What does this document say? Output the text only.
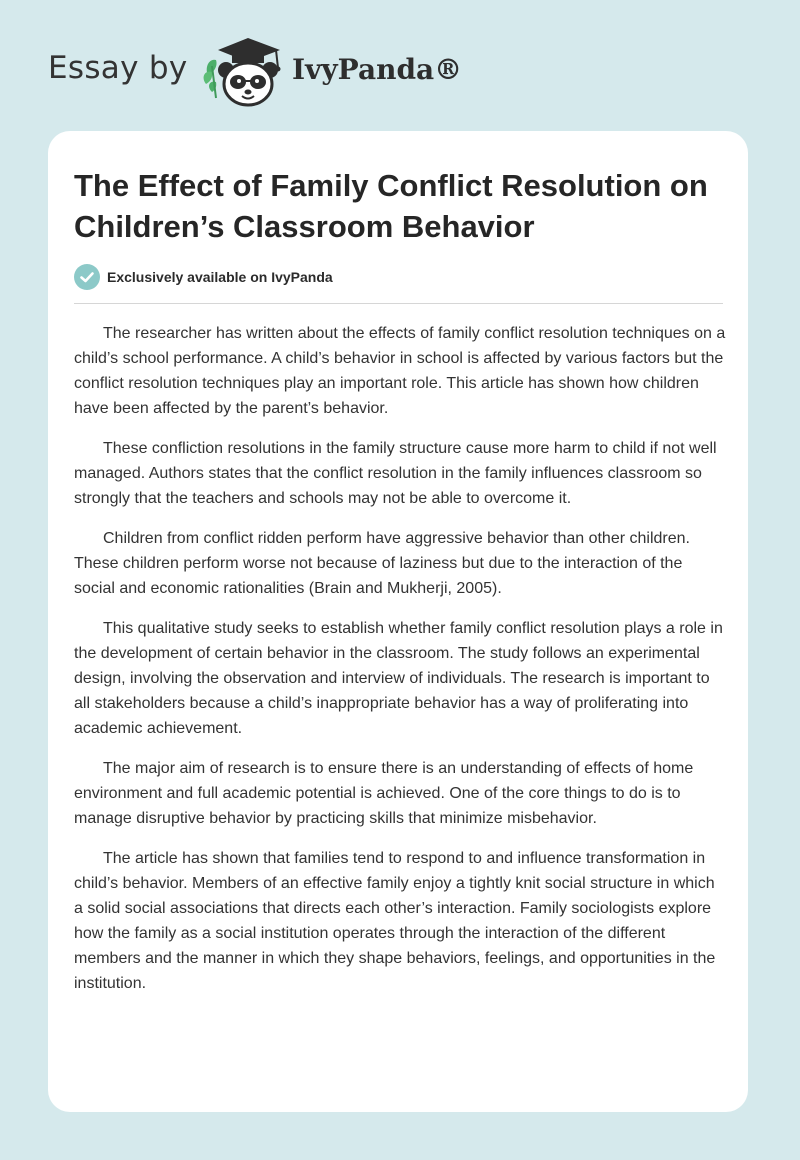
Essay by	IvyPanda®
The Effect of Family Conflict Resolution on Children’s Classroom Behavior
Exclusively available on IvyPanda

The researcher has written about the effects of family conflict resolution techniques on a child’s school performance. A child’s behavior in school is affected by various factors but the conflict resolution techniques play an important role. This article has shown how children have been affected by the parent’s behavior.

These confliction resolutions in the family structure cause more harm to child if not well managed. Authors states that the conflict resolution in the family influences classroom so strongly that the teachers and schools may not be able to overcome it.

Children from conflict ridden perform have aggressive behavior than other children. These children perform worse not because of laziness but due to the interaction of the social and economic rationalities (Brain and Mukherji, 2005).

This qualitative study seeks to establish whether family conflict resolution plays a role in the development of certain behavior in the classroom. The study follows an experimental design, involving the observation and interview of individuals. The research is important to all stakeholders because a child’s inappropriate behavior has a way of proliferating into academic achievement.

The major aim of research is to ensure there is an understanding of effects of home environment and full academic potential is achieved. One of the core things to do is to manage disruptive behavior by practicing skills that minimize misbehavior.

The article has shown that families tend to respond to and influence transformation in child’s behavior. Members of an effective family enjoy a tightly knit social structure in which a solid social associations that directs each other’s interaction. Family sociologists explore how the family as a social institution operates through the interaction of the different members and the manner in which they shape behaviors, feelings, and opportunities in the institution.
